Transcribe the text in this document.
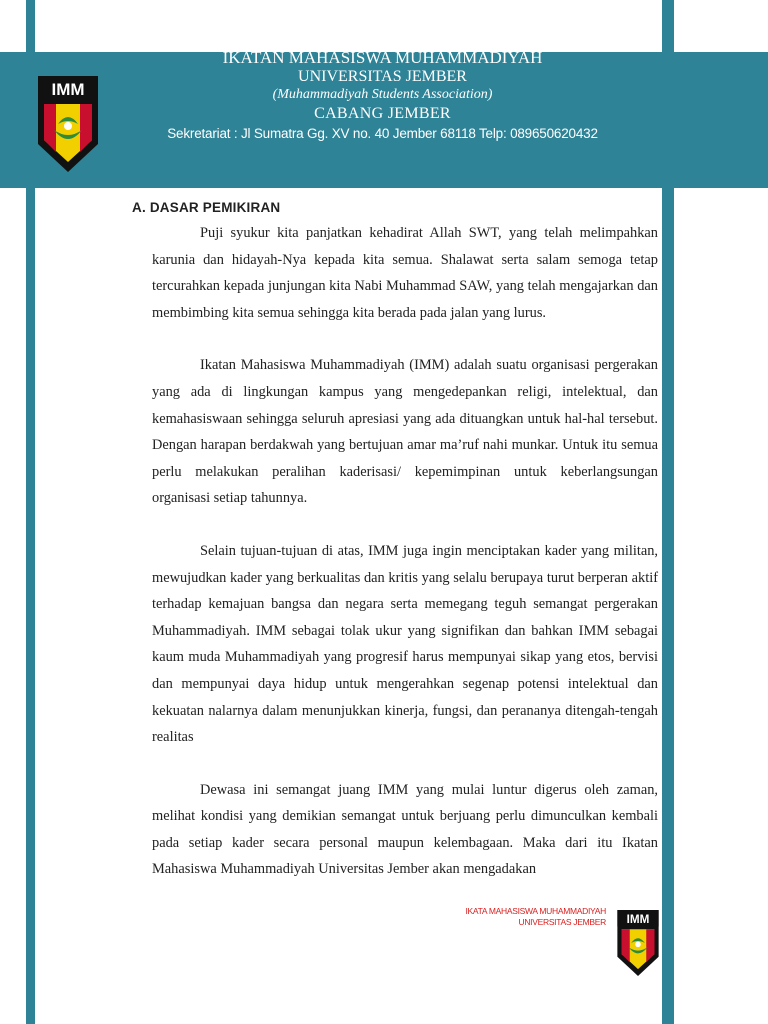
IMM
IKATAN MAHASISWA MUHAMMADIYAH
UNIVERSITAS JEMBER
(Muhammadiyah Students Association)
CABANG JEMBER
Sekretariat : Jl Sumatra Gg. XV no. 40 Jember 68118 Telp: 089650620432
A. DASAR PEMIKIRAN

Puji syukur kita panjatkan kehadirat Allah SWT, yang telah melimpahkan karunia dan hidayah-Nya kepada kita semua. Shalawat serta salam semoga tetap tercurahkan kepada junjungan kita Nabi Muhammad SAW, yang telah mengajarkan dan membimbing kita semua sehingga kita berada pada jalan yang lurus.

Ikatan Mahasiswa Muhammadiyah (IMM) adalah suatu organisasi pergerakan yang ada di lingkungan kampus yang mengedepankan religi, intelektual, dan kemahasiswaan sehingga seluruh apresiasi yang ada dituangkan untuk hal-hal tersebut. Dengan harapan berdakwah yang bertujuan amar ma’ruf nahi munkar. Untuk itu semua perlu melakukan peralihan kaderisasi/ kepemimpinan untuk keberlangsungan organisasi setiap tahunnya.

Selain tujuan-tujuan di atas, IMM juga ingin menciptakan kader yang militan, mewujudkan kader yang berkualitas dan kritis yang selalu berupaya turut berperan aktif terhadap kemajuan bangsa dan negara serta memegang teguh semangat pergerakan Muhammadiyah. IMM sebagai tolak ukur yang signifikan dan bahkan IMM sebagai kaum muda Muhammadiyah yang progresif harus mempunyai sikap yang etos, bervisi dan mempunyai daya hidup untuk mengerahkan segenap potensi intelektual dan kekuatan nalarnya dalam menunjukkan kinerja, fungsi, dan perananya ditengah-tengah realitas

Dewasa ini semangat juang IMM yang mulai luntur digerus oleh zaman, melihat kondisi yang demikian semangat untuk berjuang perlu dimunculkan kembali pada setiap kader secara personal maupun kelembagaan. Maka dari itu Ikatan Mahasiswa Muhammadiyah Universitas Jember akan mengadakan

IKATA MAHASISWA MUHAMMADIYAH
UNIVERSITAS JEMBER IMM
